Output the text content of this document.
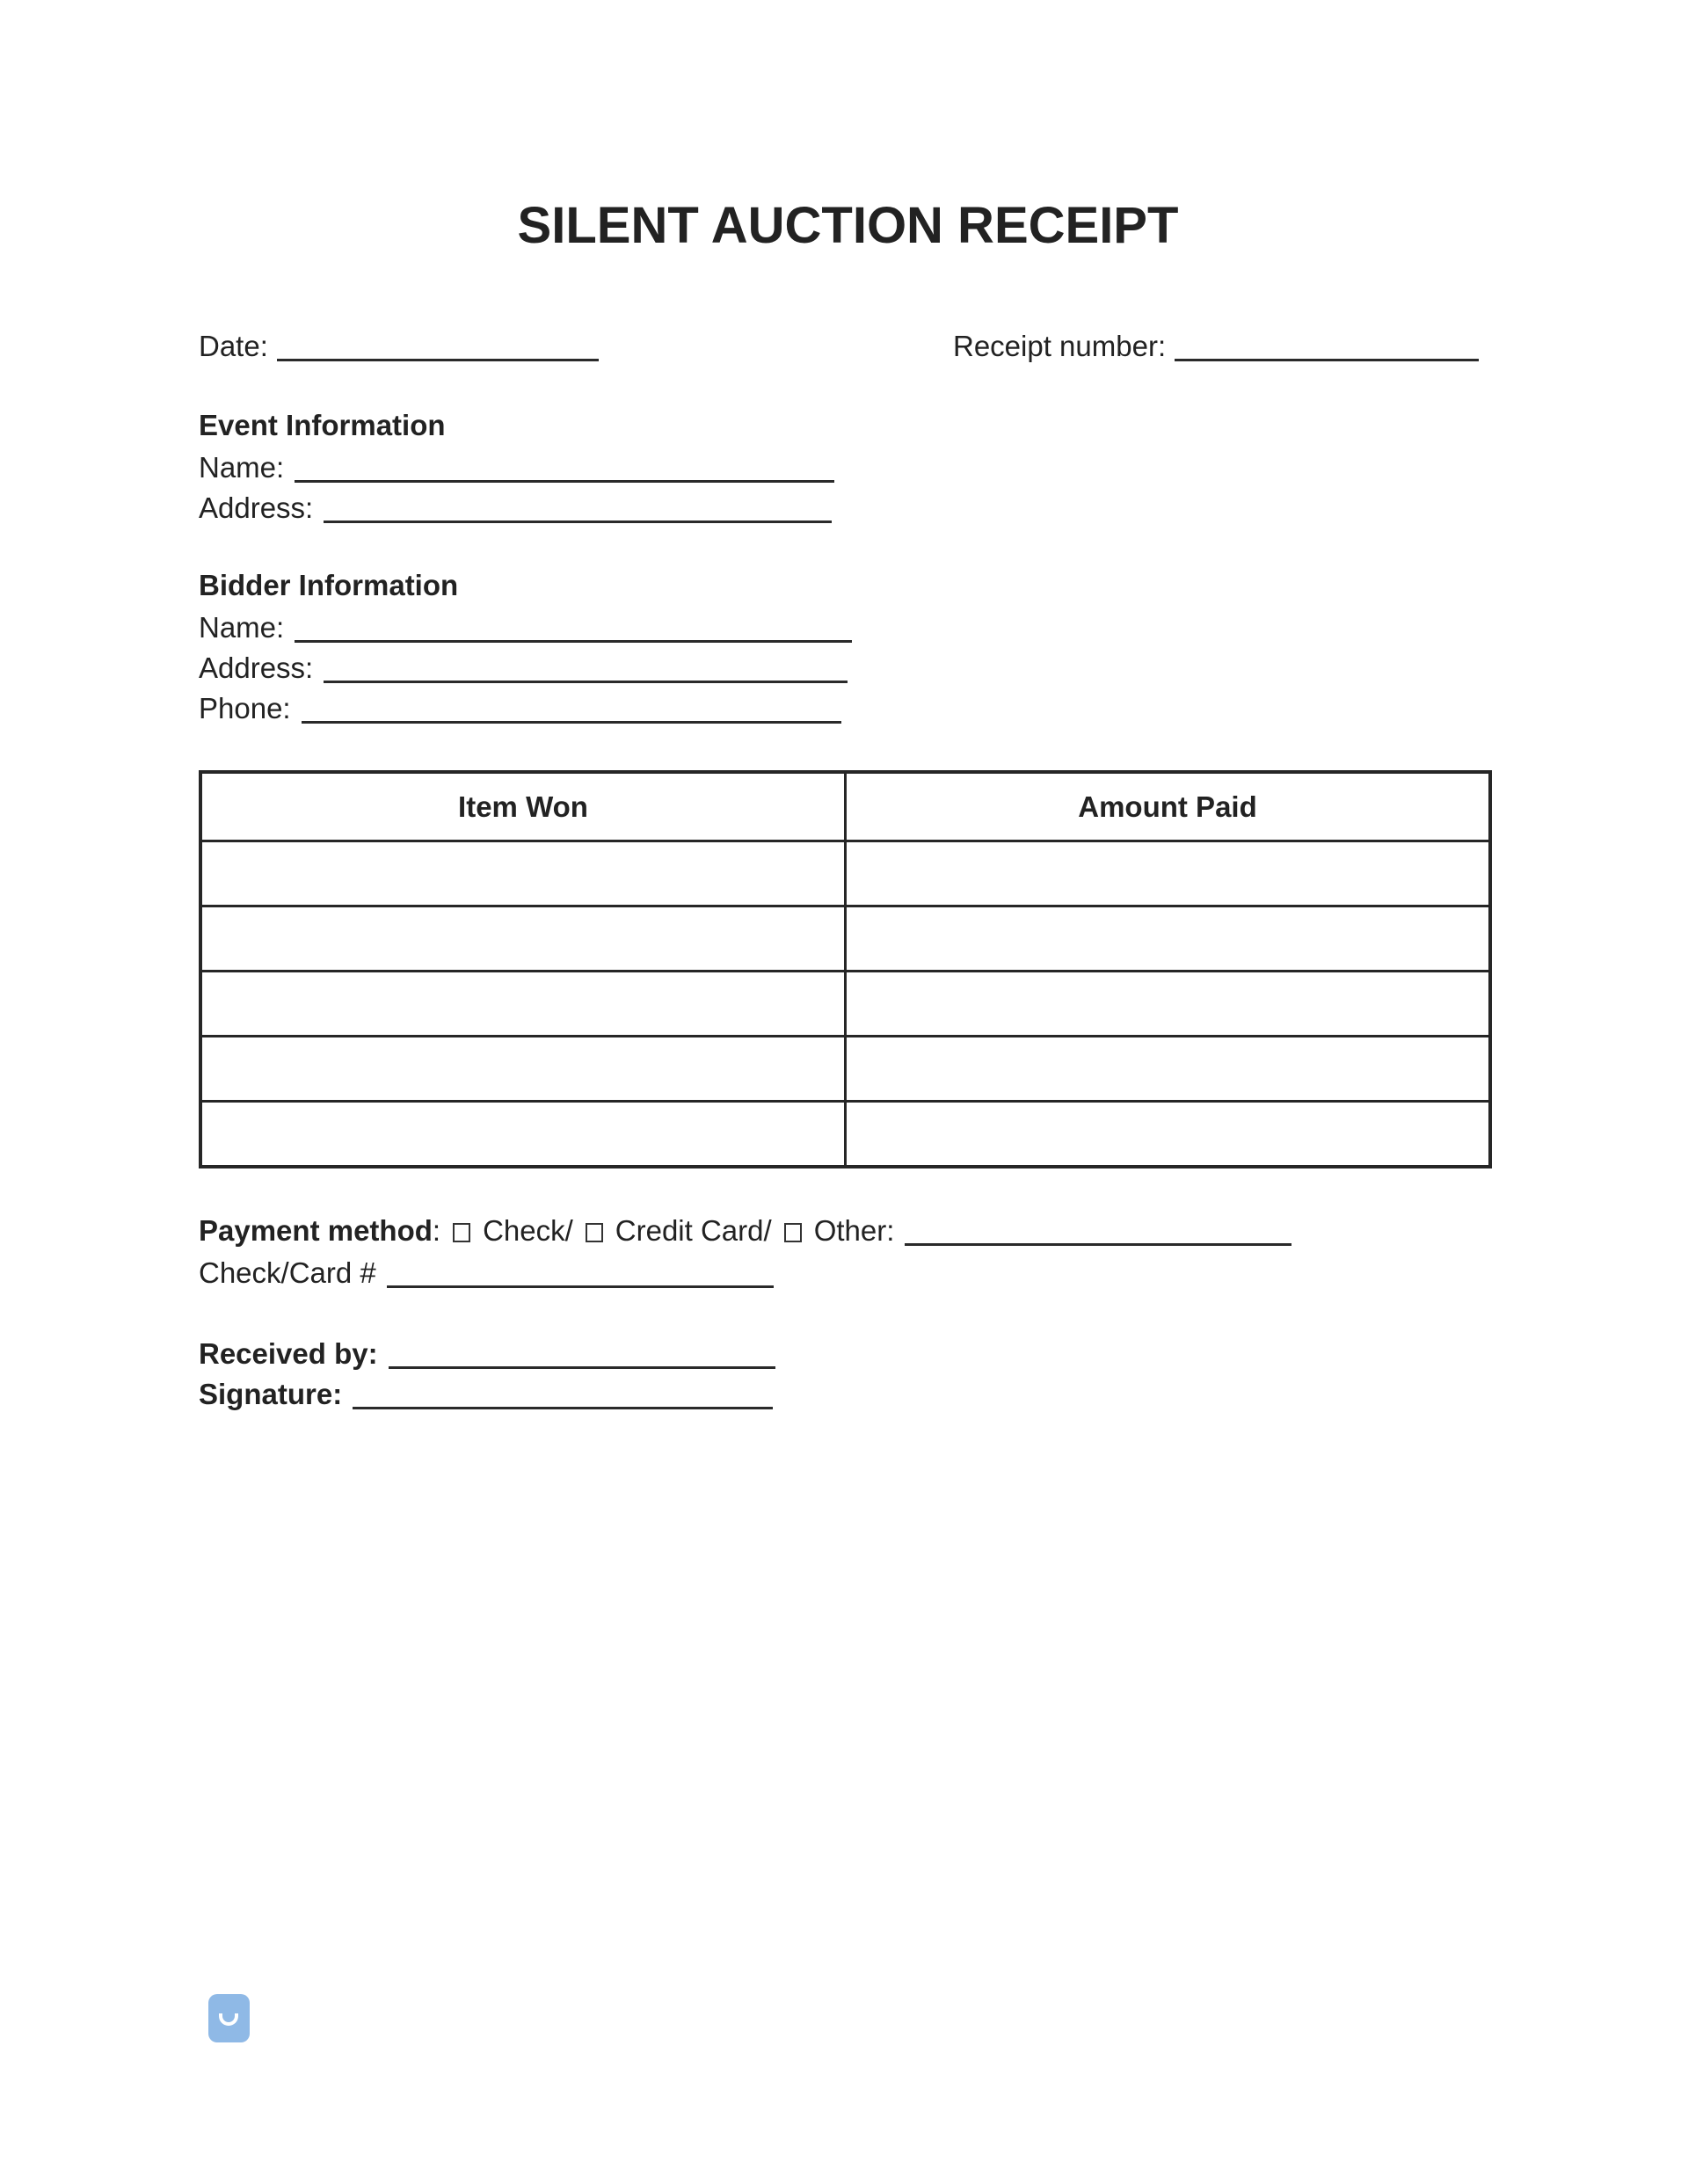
SILENT AUCTION RECEIPT
Date:	Receipt number:
Event Information
Name:
Address:
Bidder Information
Name:
Address:
Phone:
Item Won	Amount Paid

Payment method : Check / Credit Card / Other:
Check/Card #
Received by:
Signature:
